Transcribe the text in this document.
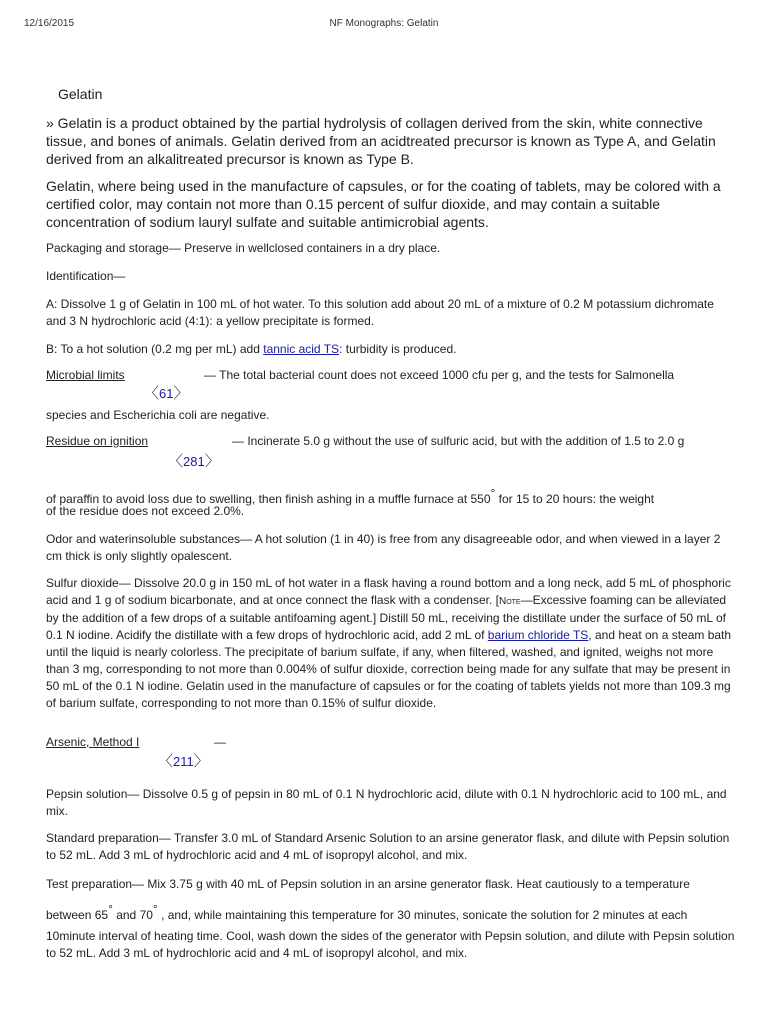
12/16/2015	NF Monographs: Gelatin
Gelatin

» Gelatin is a product obtained by the partial hydrolysis of collagen derived from the skin, white connective tissue, and bones of animals. Gelatin derived from an acidtreated precursor is known as Type A, and Gelatin derived from an alkalitreated precursor is known as Type B.

Gelatin, where being used in the manufacture of capsules, or for the coating of tablets, may be colored with a certified color, may contain not more than 0.15 percent of sulfur dioxide, and may contain a suitable concentration of sodium lauryl sulfate and suitable antimicrobial agents.

Packaging and storage— Preserve in wellclosed containers in a dry place.

Identification—

A: Dissolve 1 g of Gelatin in 100 mL of hot water. To this solution add about 20 mL of a mixture of 0.2 M potassium dichromate and 3 N hydrochloric acid (4:1): a yellow precipitate is formed.

B: To a hot solution (0.2 mg per mL) add tannic acid TS: turbidity is produced.

Microbial limits
〈61〉

— The total bacterial count does not exceed 1000 cfu per g, and the tests for Salmonella

species and Escherichia coli are negative.

Residue on ignition
〈281〉

— Incinerate 5.0 g without the use of sulfuric acid, but with the addition of 1.5 to 2.0 g

of paraffin to avoid loss due to swelling, then finish ashing in a muffle furnace at 550° for 15 to 20 hours: the weight

of the residue does not exceed 2.0%.

Odor and waterinsoluble substances— A hot solution (1 in 40) is free from any disagreeable odor, and when viewed in a layer 2 cm thick is only slightly opalescent.

Sulfur dioxide— Dissolve 20.0 g in 150 mL of hot water in a flask having a round bottom and a long neck, add 5 mL of phosphoric acid and 1 g of sodium bicarbonate, and at once connect the flask with a condenser. [Note—Excessive foaming can be alleviated by the addition of a few drops of a suitable antifoaming agent.] Distill 50 mL, receiving the distillate under the surface of 50 mL of 0.1 N iodine. Acidify the distillate with a few drops of hydrochloric acid, add 2 mL of barium chloride TS, and heat on a steam bath until the liquid is nearly colorless. The precipitate of barium sulfate, if any, when filtered, washed, and ignited, weighs not more than 3 mg, corresponding to not more than 0.004% of sulfur dioxide, correction being made for any sulfate that may be present in 50 mL of the 0.1 N iodine. Gelatin used in the manufacture of capsules or for the coating of tablets yields not more than 109.3 mg of barium sulfate, corresponding to not more than 0.15% of sulfur dioxide.

Arsenic, Method I
〈211〉

—

Pepsin solution— Dissolve 0.5 g of pepsin in 80 mL of 0.1 N hydrochloric acid, dilute with 0.1 N hydrochloric acid to 100 mL, and mix.

Standard preparation— Transfer 3.0 mL of Standard Arsenic Solution to an arsine generator flask, and dilute with Pepsin solution to 52 mL. Add 3 mL of hydrochloric acid and 4 mL of isopropyl alcohol, and mix.

Test preparation— Mix 3.75 g with 40 mL of Pepsin solution in an arsine generator flask. Heat cautiously to a temperature

between 65° and 70° , and, while maintaining this temperature for 30 minutes, sonicate the solution for 2 minutes at each

10minute interval of heating time. Cool, wash down the sides of the generator with Pepsin solution, and dilute with Pepsin solution to 52 mL. Add 3 mL of hydrochloric acid and 4 mL of isopropyl alcohol, and mix.
